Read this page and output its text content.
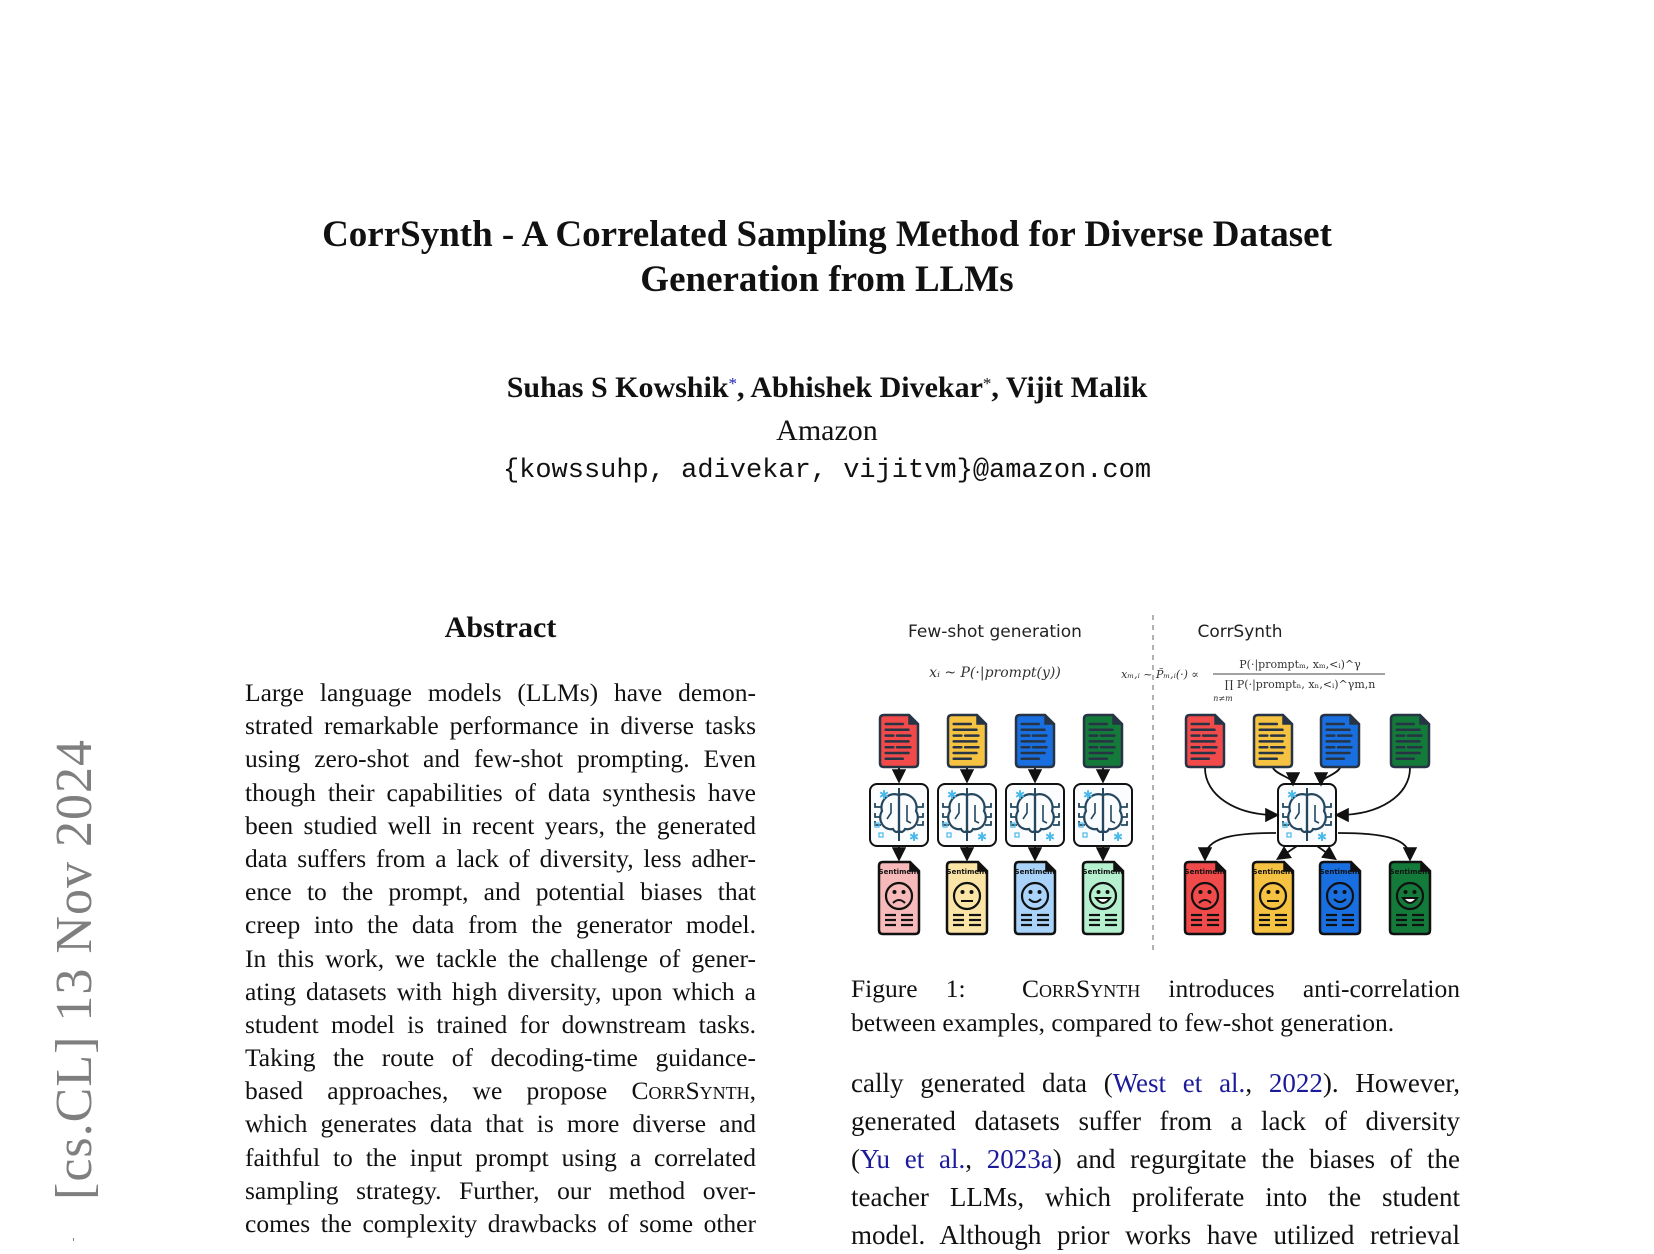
CorrSynth - A Correlated Sampling Method for Diverse Dataset
Generation from LLMs
Suhas S Kowshik*, Abhishek Divekar*, Vijit Malik
Amazon
{kowssuhp, adivekar, vijitvm}@amazon.com
[cs.CL] 13 Nov 2024
Abstract
Large language models (LLMs) have demon-
strated remarkable performance in diverse tasks
using zero-shot and few-shot prompting. Even
though their capabilities of data synthesis have
been studied well in recent years, the generated
data suffers from a lack of diversity, less adher-
ence to the prompt, and potential biases that
creep into the data from the generator model.
In this work, we tackle the challenge of gener-
ating datasets with high diversity, upon which a
student model is trained for downstream tasks.
Taking the route of decoding-time guidance-
based approaches, we propose CorrSynth,
which generates data that is more diverse and
faithful to the input prompt using a correlated
sampling strategy. Further, our method over-
comes the complexity drawbacks of some other
Few-shot generation
xᵢ ~ P(·|prompt(y))
CorrSynth
xₘ,ᵢ ~ P̃ₘ,ᵢ(·) ∝
P(·|promptₘ, xₘ,<ᵢ)^γ
∏ P(·|promptₙ, xₙ,<ᵢ)^γm,n
n≠m
✱
✱
Sentiment
✱
✱
Sentiment
✱
✱
Sentiment
✱
✱
Sentiment
✱
✱
Sentiment	Sentiment	Sentiment	Sentiment
Figure 1: CorrSynth introduces anti-correlation
between examples, compared to few-shot generation.
cally generated data (West et al., 2022). However,
generated datasets suffer from a lack of diversity
(Yu et al., 2023a) and regurgitate the biases of the
teacher LLMs, which proliferate into the student
model. Although prior works have utilized retrieval
